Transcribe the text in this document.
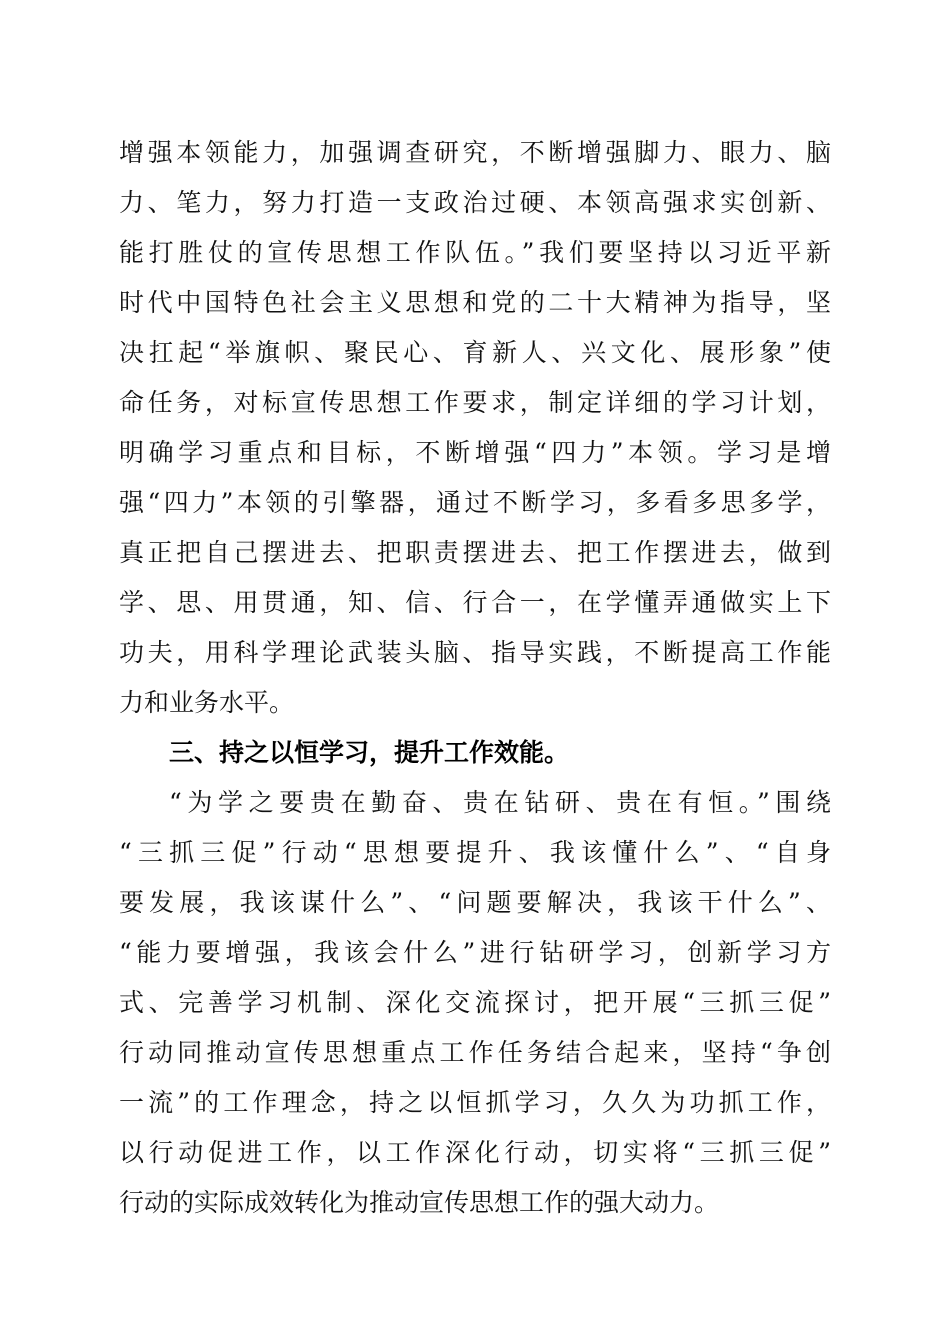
增强本领能力，加强调查研究，不断增强脚力、眼力、脑
力、笔力，努力打造一支政治过硬、本领高强求实创新、
能打胜仗的宣传思想工作队伍。”我们要坚持以习近平新
时代中国特色社会主义思想和党的二十大精神为指导，坚
决扛起“举旗帜、聚民心、育新人、兴文化、展形象”使
命任务，对标宣传思想工作要求，制定详细的学习计划，
明确学习重点和目标，不断增强“四力”本领。学习是增
强“四力”本领的引擎器，通过不断学习，多看多思多学，
真正把自己摆进去、把职责摆进去、把工作摆进去，做到
学、思、用贯通，知、信、行合一，在学懂弄通做实上下
功夫，用科学理论武装头脑、指导实践，不断提高工作能
力和业务水平。
三、持之以恒学习，提升工作效能。
“为学之要贵在勤奋、贵在钻研、贵在有恒。”围绕
“三抓三促”行动“思想要提升、我该懂什么”、“自身
要发展，我该谋什么”、“问题要解决，我该干什么”、
“能力要增强，我该会什么”进行钻研学习，创新学习方
式、完善学习机制、深化交流探讨，把开展“三抓三促”
行动同推动宣传思想重点工作任务结合起来，坚持“争创
一流”的工作理念，持之以恒抓学习，久久为功抓工作，
以行动促进工作，以工作深化行动，切实将“三抓三促”
行动的实际成效转化为推动宣传思想工作的强大动力。
